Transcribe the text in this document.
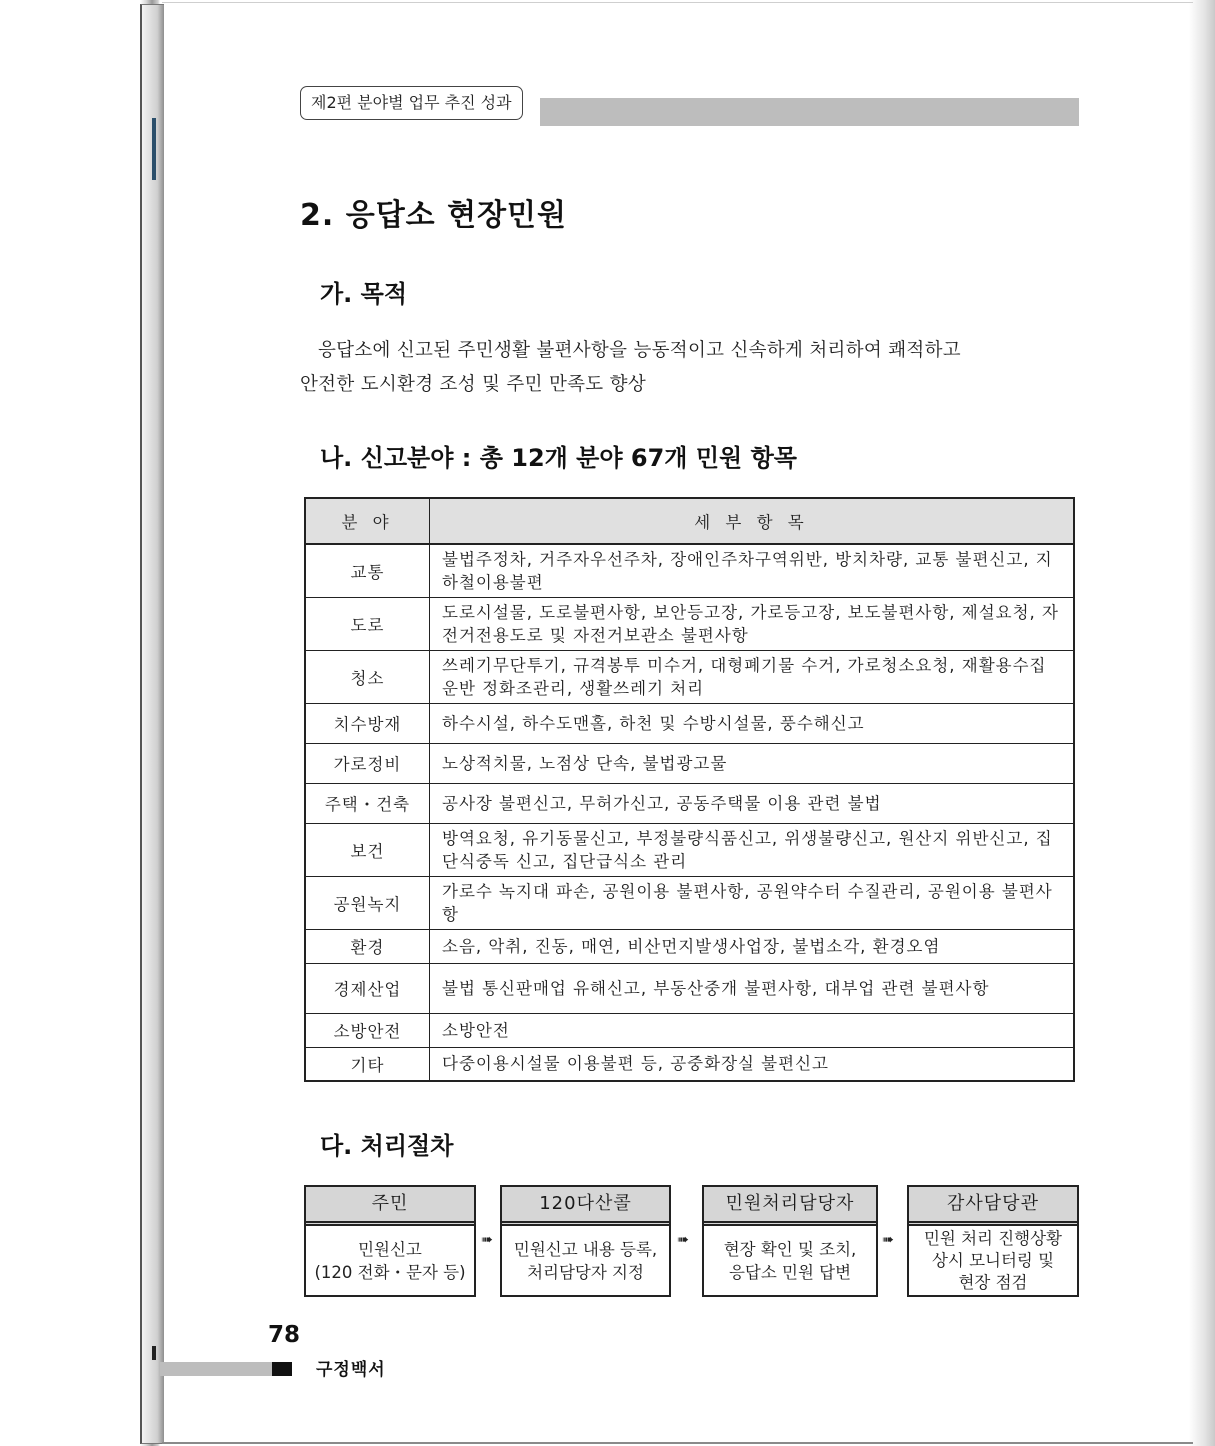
제2편 분야별 업무 추진 성과
2. 응답소 현장민원
가. 목적
응답소에 신고된 주민생활 불편사항을 능동적이고 신속하게 처리하여 쾌적하고
안전한 도시환경 조성 및 주민 만족도 향상
나. 신고분야 : 총 12개 분야 67개 민원 항목
분 야	세 부 항 목
교통	불법주정차, 거주자우선주차, 장애인주차구역위반, 방치차량, 교통 불편신고, 지하철이용불편
도로	도로시설물, 도로불편사항, 보안등고장, 가로등고장, 보도불편사항, 제설요청, 자전거전용도로 및 자전거보관소 불편사항
청소	쓰레기무단투기, 규격봉투 미수거, 대형폐기물 수거, 가로청소요청, 재활용수집운반 정화조관리, 생활쓰레기 처리
치수방재	하수시설, 하수도맨홀, 하천 및 수방시설물, 풍수해신고
가로정비	노상적치물, 노점상 단속, 불법광고물
주택・건축	공사장 불편신고, 무허가신고, 공동주택물 이용 관련 불법
보건	방역요청, 유기동물신고, 부정불량식품신고, 위생불량신고, 원산지 위반신고, 집단식중독 신고, 집단급식소 관리
공원녹지	가로수 녹지대 파손, 공원이용 불편사항, 공원약수터 수질관리, 공원이용 불편사항
환경	소음, 악취, 진동, 매연, 비산먼지발생사업장, 불법소각, 환경오염
경제산업	불법 통신판매업 유해신고, 부동산중개 불편사항, 대부업 관련 불편사항
소방안전	소방안전
기타	다중이용시설물 이용불편 등, 공중화장실 불편신고
다. 처리절차
주민
민원신고
(120 전화・문자 등)
➠
120다산콜
민원신고 내용 등록,
처리담당자 지정
➠
민원처리담당자
현장 확인 및 조치,
응답소 민원 답변
➠
감사담당관
민원 처리 진행상황
상시 모니터링 및
현장 점검
78
구정백서
